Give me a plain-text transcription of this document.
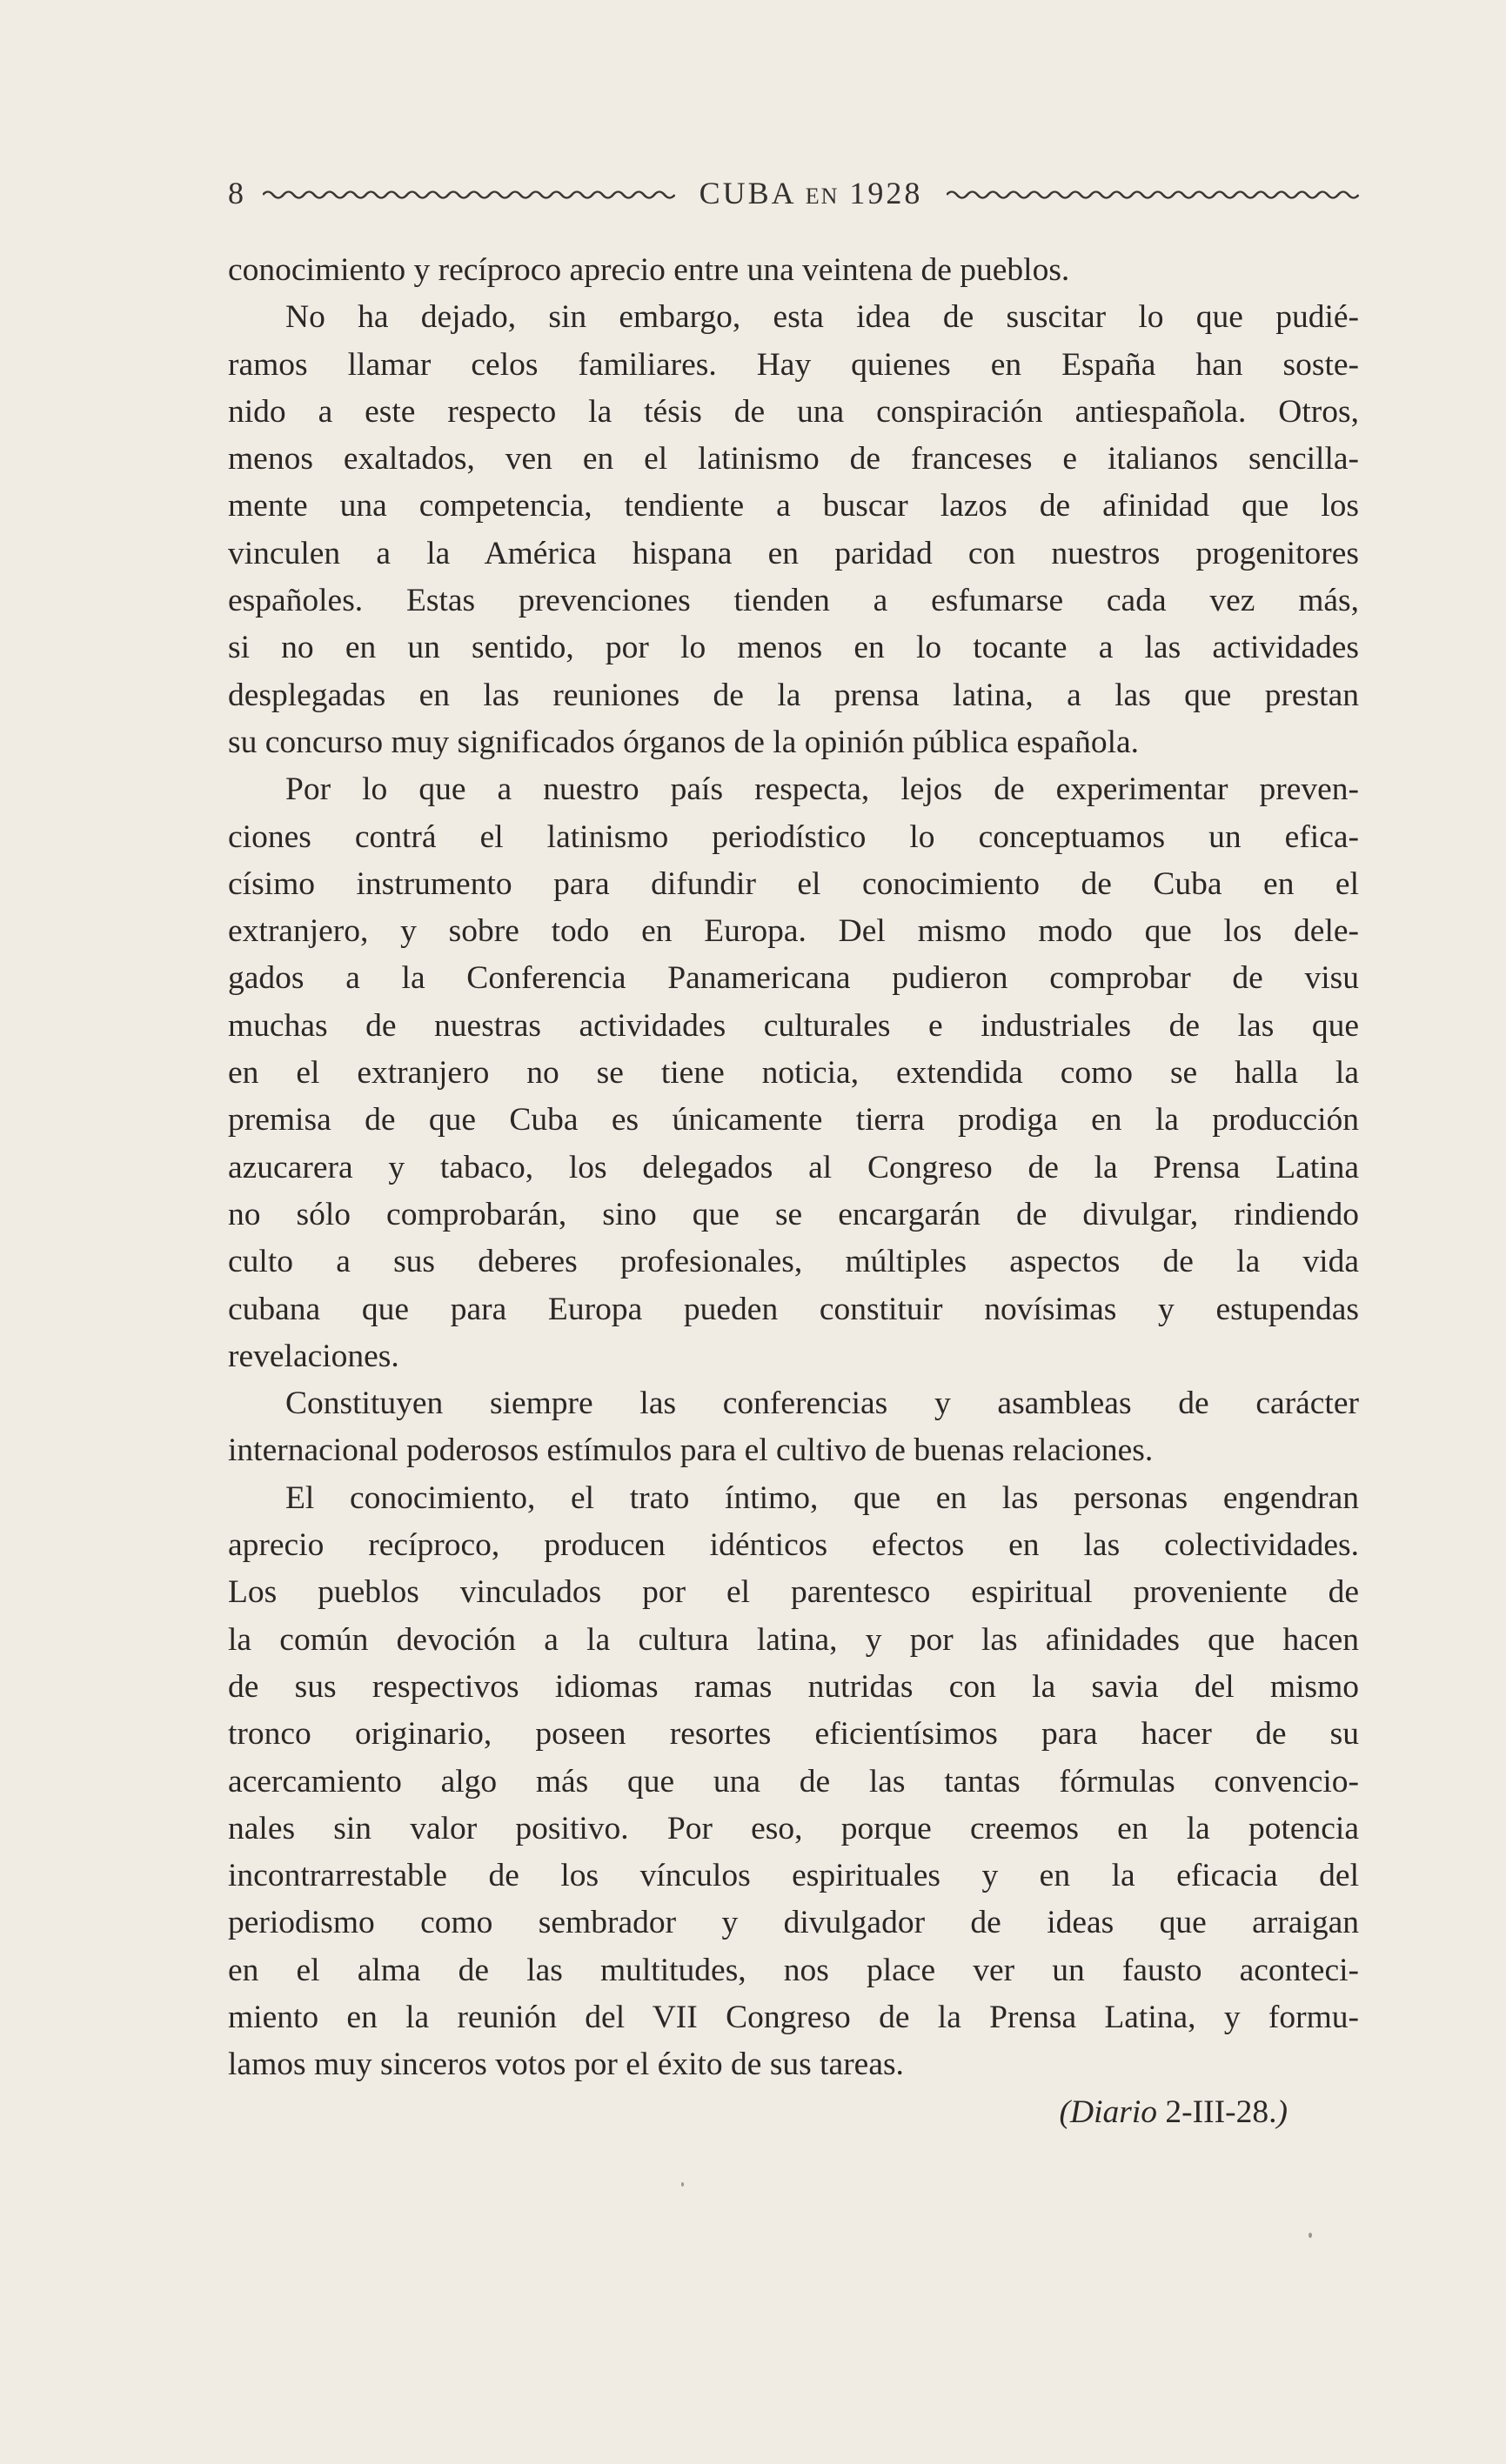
8	CUBA EN 1928

conocimiento y recíproco aprecio entre una veintena de pueblos.

No ha dejado, sin embargo, esta idea de suscitar lo que pudié-

ramos llamar celos familiares. Hay quienes en España han soste-

nido a este respecto la tésis de una conspiración antiespañola. Otros,

menos exaltados, ven en el latinismo de franceses e italianos sencilla-

mente una competencia, tendiente a buscar lazos de afinidad que los

vinculen a la América hispana en paridad con nuestros progenitores

españoles. Estas prevenciones tienden a esfumarse cada vez más,

si no en un sentido, por lo menos en lo tocante a las actividades

desplegadas en las reuniones de la prensa latina, a las que prestan

su concurso muy significados órganos de la opinión pública española.

Por lo que a nuestro país respecta, lejos de experimentar preven-

ciones contrá el latinismo periodístico lo conceptuamos un efica-

císimo instrumento para difundir el conocimiento de Cuba en el

extranjero, y sobre todo en Europa. Del mismo modo que los dele-

gados a la Conferencia Panamericana pudieron comprobar de visu

muchas de nuestras actividades culturales e industriales de las que

en el extranjero no se tiene noticia, extendida como se halla la

premisa de que Cuba es únicamente tierra prodiga en la producción

azucarera y tabaco, los delegados al Congreso de la Prensa Latina

no sólo comprobarán, sino que se encargarán de divulgar, rindiendo

culto a sus deberes profesionales, múltiples aspectos de la vida

cubana que para Europa pueden constituir novísimas y estupendas

revelaciones.

Constituyen siempre las conferencias y asambleas de carácter

internacional poderosos estímulos para el cultivo de buenas relaciones.

El conocimiento, el trato íntimo, que en las personas engendran

aprecio recíproco, producen idénticos efectos en las colectividades.

Los pueblos vinculados por el parentesco espiritual proveniente de

la común devoción a la cultura latina, y por las afinidades que hacen

de sus respectivos idiomas ramas nutridas con la savia del mismo

tronco originario, poseen resortes eficientísimos para hacer de su

acercamiento algo más que una de las tantas fórmulas convencio-

nales sin valor positivo. Por eso, porque creemos en la potencia

incontrarrestable de los vínculos espirituales y en la eficacia del

periodismo como sembrador y divulgador de ideas que arraigan

en el alma de las multitudes, nos place ver un fausto aconteci-

miento en la reunión del VII Congreso de la Prensa Latina, y formu-

lamos muy sinceros votos por el éxito de sus tareas.

(Diario 2-III-28.)
